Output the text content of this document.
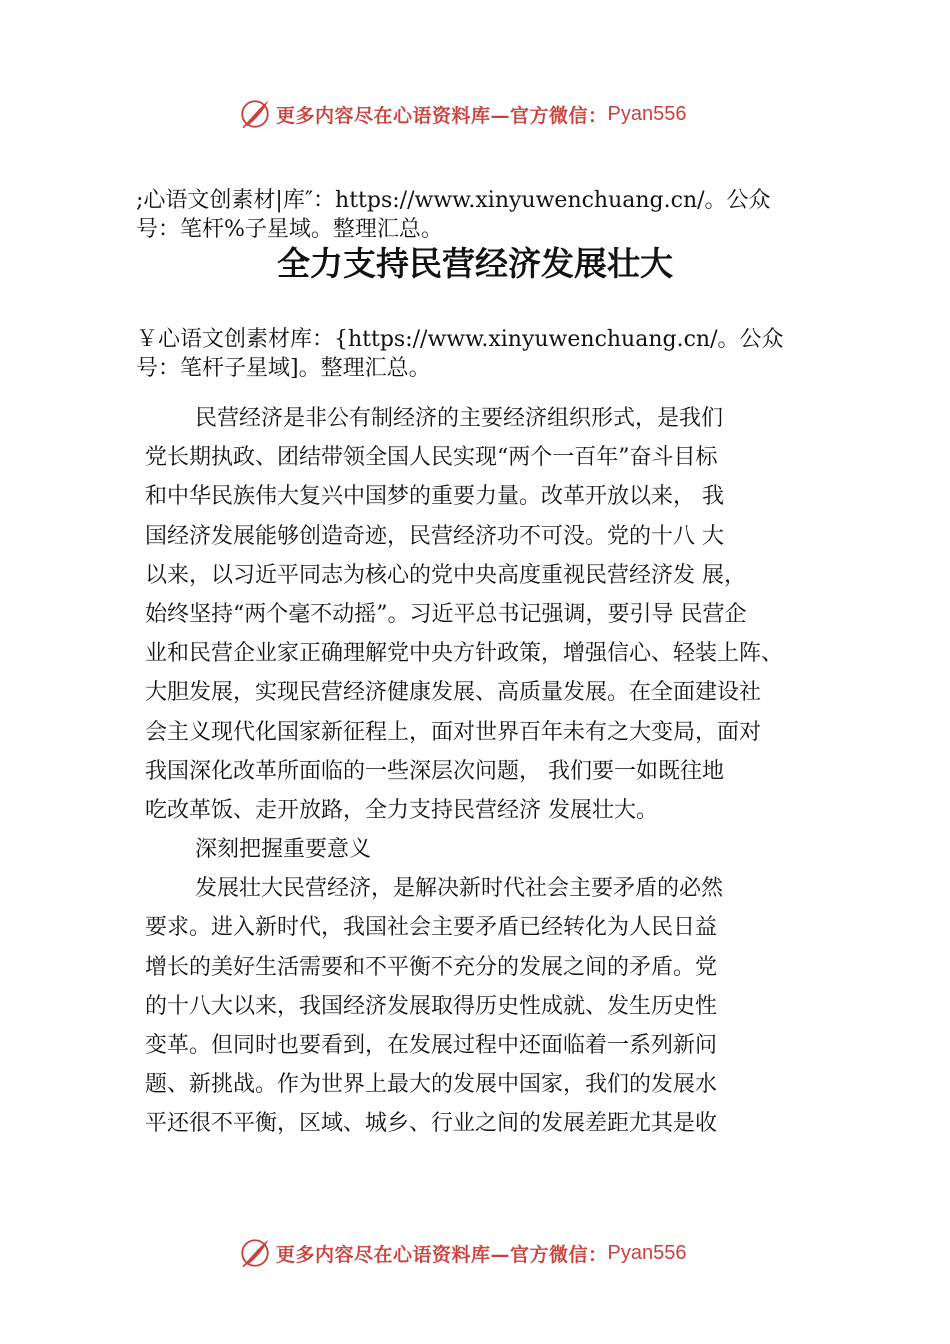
更多内容尽在心语资料库—官方微信： Pyan556
;心语文创素材|库″：https://www.xinyuwenchuang.cn/。公众
号：笔杆%子星域。整理汇总。
全力支持民营经济发展壮大
￥心语文创素材库：{https://www.xinyuwenchuang.cn/。公众
号：笔杆子星域]。整理汇总。

民营经济是非公有制经济的主要经济组织形式，是我们

党长期执政、团结带领全国人民实现“两个一百年”奋斗目标

和中华民族伟大复兴中国梦的重要力量。改革开放以来， 我

国经济发展能够创造奇迹，民营经济功不可没。党的十八 大

以来，以习近平同志为核心的党中央高度重视民营经济发 展，

始终坚持“两个毫不动摇”。习近平总书记强调，要引导 民营企

业和民营企业家正确理解党中央方针政策，增强信心、轻装上阵、

大胆发展，实现民营经济健康发展、高质量发展。在全面建设社

会主义现代化国家新征程上，面对世界百年未有之大变局，面对

我国深化改革所面临的一些深层次问题， 我们要一如既往地

吃改革饭、走开放路，全力支持民营经济 发展壮大。

深刻把握重要意义

发展壮大民营经济，是解决新时代社会主要矛盾的必然

要求。进入新时代，我国社会主要矛盾已经转化为人民日益

增长的美好生活需要和不平衡不充分的发展之间的矛盾。党

的十八大以来，我国经济发展取得历史性成就、发生历史性

变革。但同时也要看到，在发展过程中还面临着一系列新问

题、新挑战。作为世界上最大的发展中国家，我们的发展水

平还很不平衡，区域、城乡、行业之间的发展差距尤其是收

更多内容尽在心语资料库—官方微信： Pyan556
